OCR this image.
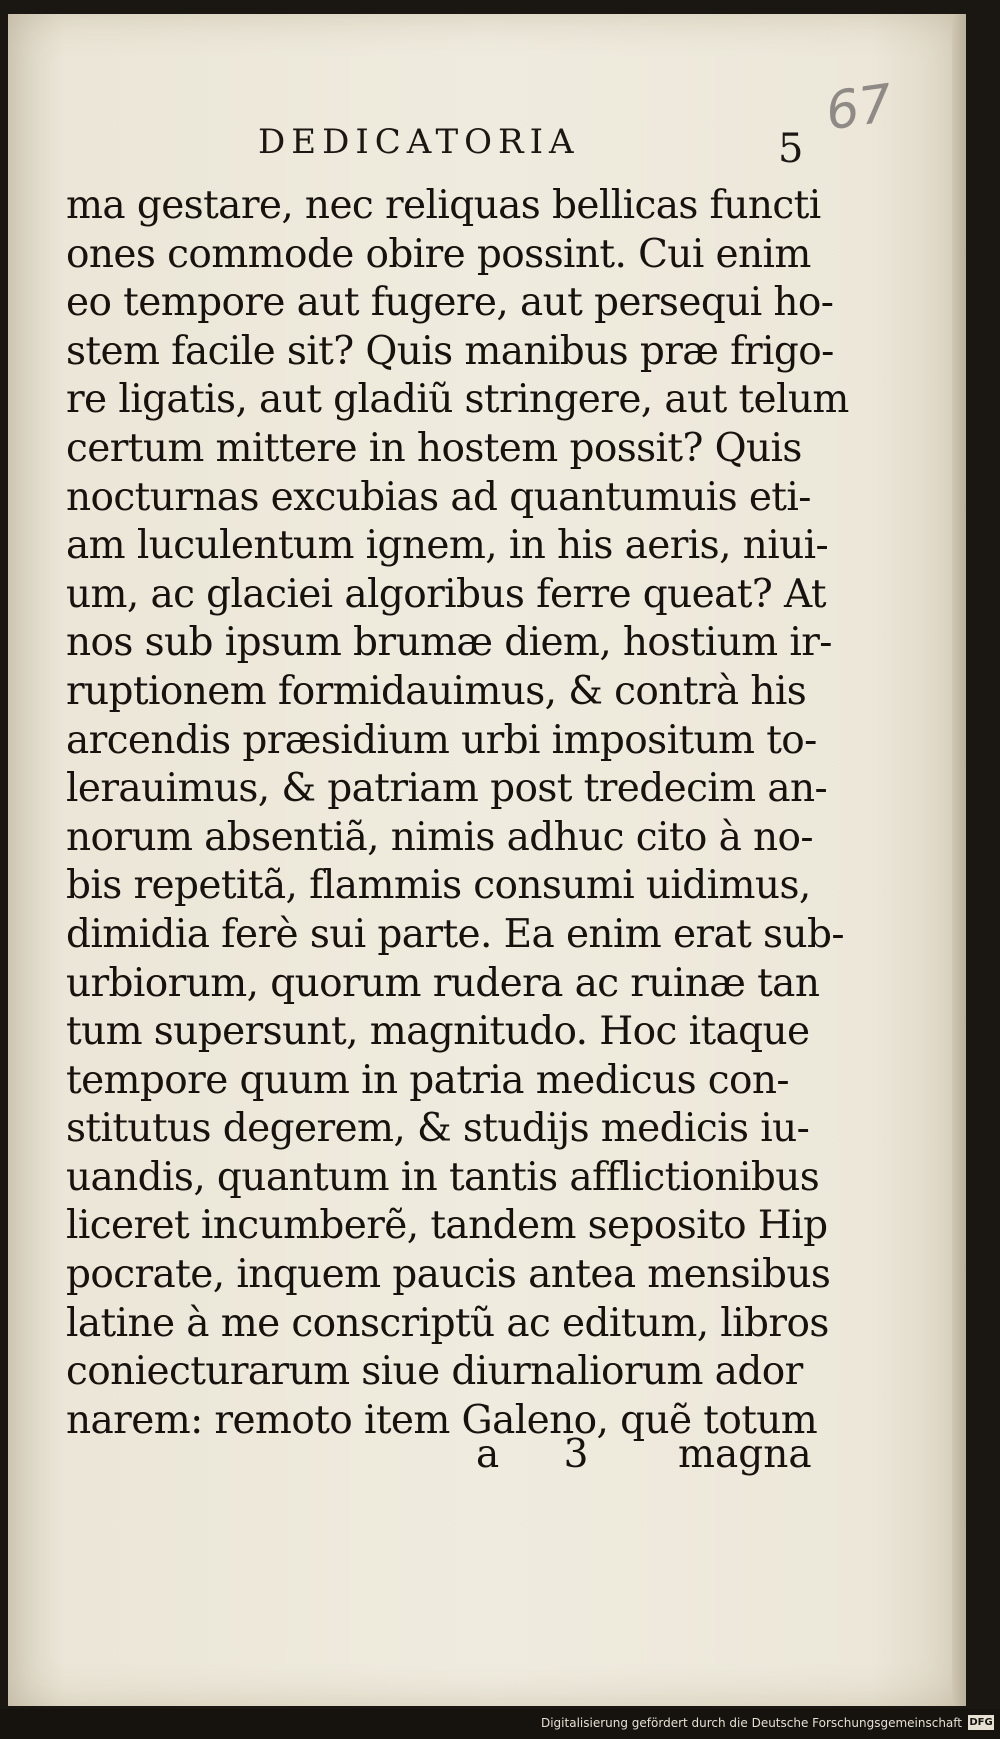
DEDICATORIA	5
67
ma gestare, nec reliquas bellicas functi
ones commode obire possint. Cui enim
eo tempore aut fugere, aut persequi ho-
stem facile sit? Quis manibus præ frigo-
re ligatis, aut gladiũ stringere, aut telum
certum mittere in hostem possit? Quis
nocturnas excubias ad quantumuis eti-
am luculentum ignem, in his aeris, niui-
um, ac glaciei algoribus ferre queat? At
nos sub ipsum brumæ diem, hostium ir-
ruptionem formidauimus, & contrà his
arcendis præsidium urbi impositum to-
lerauimus, & patriam post tredecim an-
norum absentiã, nimis adhuc cito à no-
bis repetitã, flammis consumi uidimus,
dimidia ferè sui parte. Ea enim erat sub-
urbiorum, quorum rudera ac ruinæ tan
tum supersunt, magnitudo. Hoc itaque
tempore quum in patria medicus con-
stitutus degerem, & studijs medicis iu-
uandis, quantum in tantis afflictionibus
liceret incumberẽ, tandem seposito Hip
pocrate, inquem paucis antea mensibus
latine à me conscriptũ ac editum, libros
coniecturarum siue diurnaliorum ador
narem: remoto item Galeno, quẽ totum
a 3 magna
Digitalisierung gefördert durch die Deutsche Forschungsgemeinschaft DFG
